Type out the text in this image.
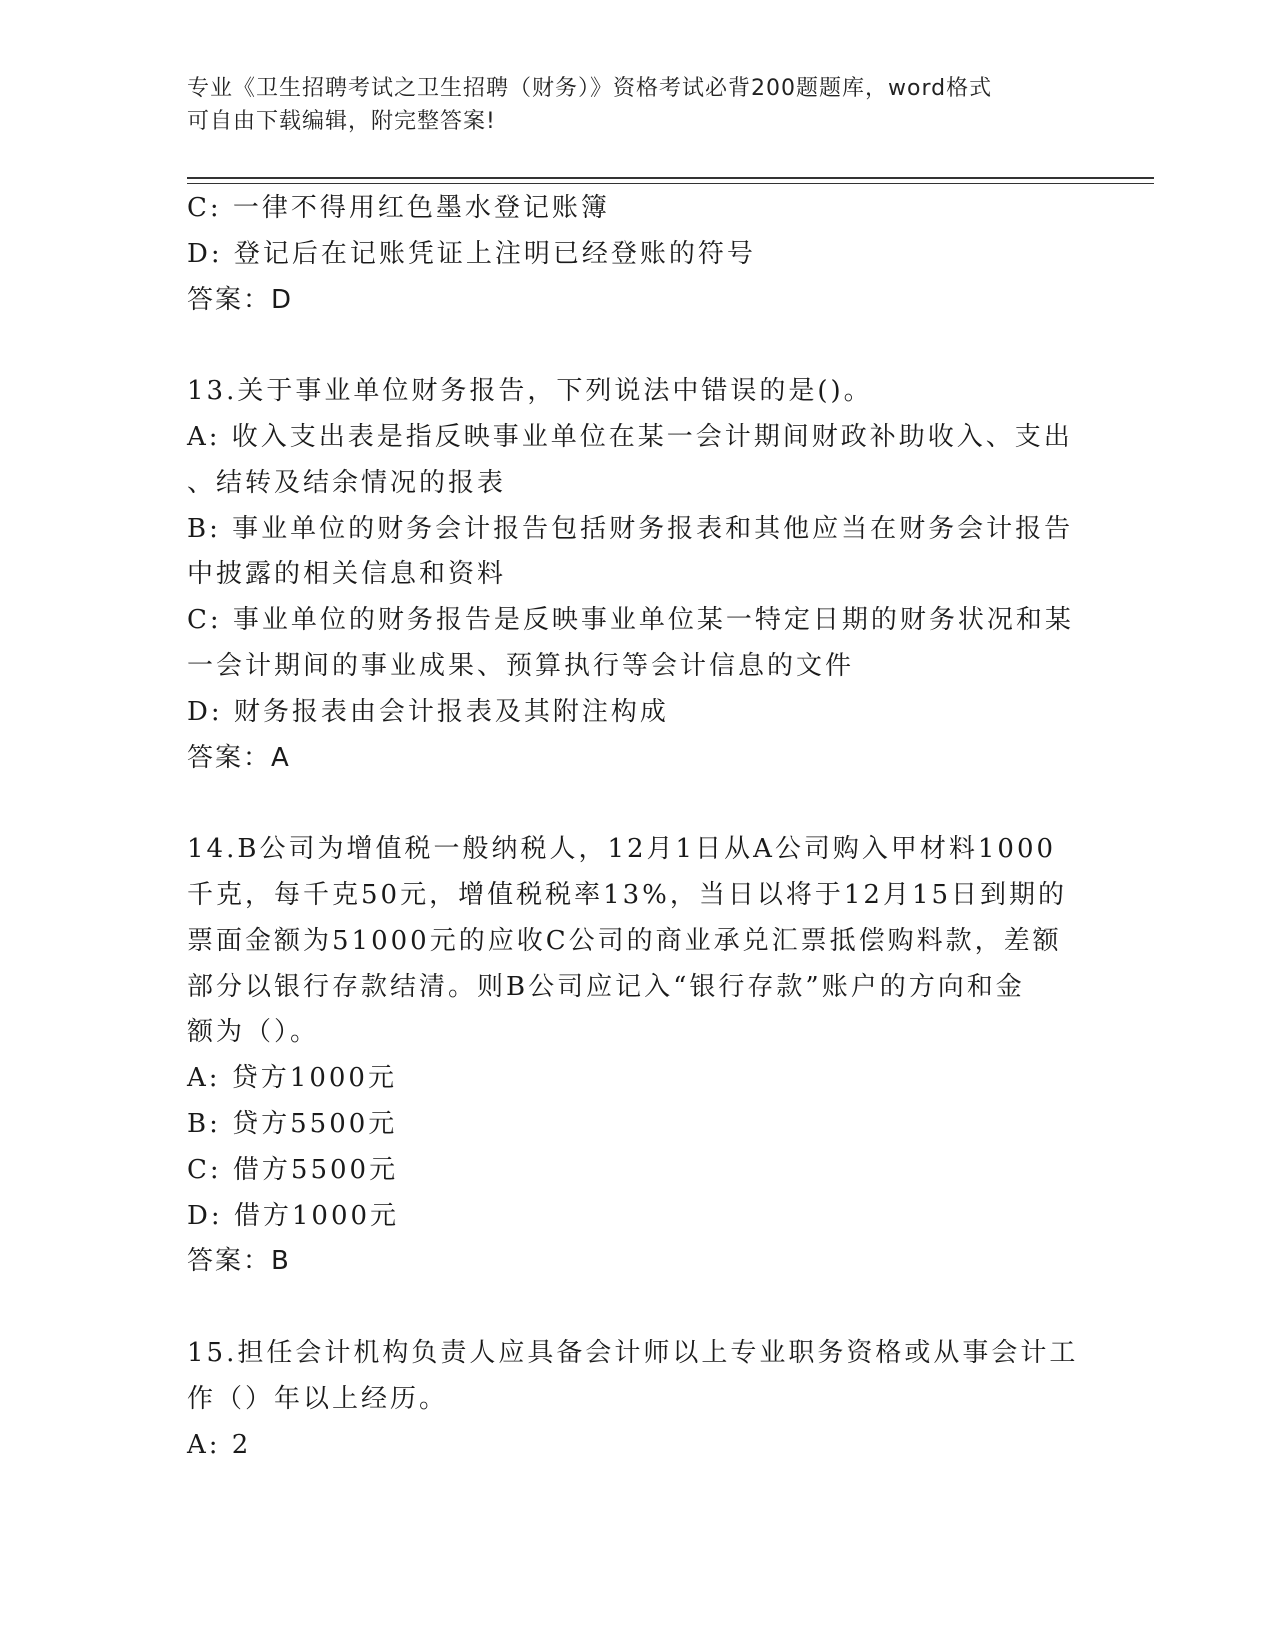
专业《卫生招聘考试之卫生招聘（财务）》资格考试必背200题题库，word格式
可自由下载编辑，附完整答案!
C: 一律不得用红色墨水登记账簿
D: 登记后在记账凭证上注明已经登账的符号
答案：D
13.关于事业单位财务报告，下列说法中错误的是()。
A: 收入支出表是指反映事业单位在某一会计期间财政补助收入、支出
、结转及结余情况的报表
B: 事业单位的财务会计报告包括财务报表和其他应当在财务会计报告
中披露的相关信息和资料
C: 事业单位的财务报告是反映事业单位某一特定日期的财务状况和某
一会计期间的事业成果、预算执行等会计信息的文件
D: 财务报表由会计报表及其附注构成
答案：A
14.B公司为增值税一般纳税人，12月1日从A公司购入甲材料1000
千克，每千克50元，增值税税率13%，当日以将于12月15日到期的
票面金额为51000元的应收C公司的商业承兑汇票抵偿购料款，差额
部分以银行存款结清。则B公司应记入“银行存款”账户的方向和金
额为（）。
A: 贷方1000元
B: 贷方5500元
C: 借方5500元
D: 借方1000元
答案：B
15.担任会计机构负责人应具备会计师以上专业职务资格或从事会计工
作（）年以上经历。
A: 2
